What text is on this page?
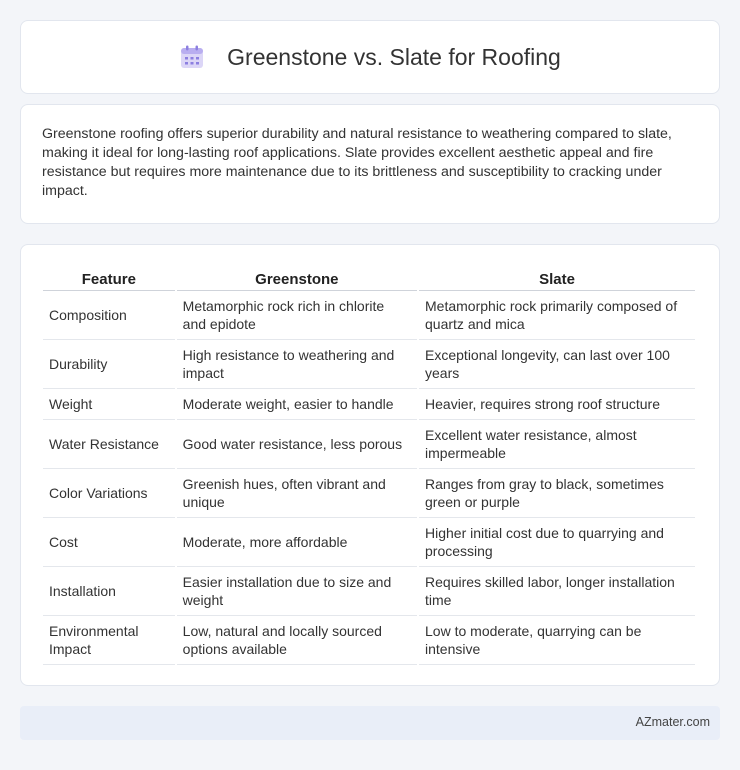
Greenstone vs. Slate for Roofing

Greenstone roofing offers superior durability and natural resistance to weathering compared to slate, making it ideal for long-lasting roof applications. Slate provides excellent aesthetic appeal and fire resistance but requires more maintenance due to its brittleness and susceptibility to cracking under impact.

Feature	Greenstone	Slate
Composition	Metamorphic rock rich in chlorite and epidote	Metamorphic rock primarily composed of quartz and mica
Durability	High resistance to weathering and impact	Exceptional longevity, can last over 100 years
Weight	Moderate weight, easier to handle	Heavier, requires strong roof structure
Water Resistance	Good water resistance, less porous	Excellent water resistance, almost impermeable
Color Variations	Greenish hues, often vibrant and unique	Ranges from gray to black, sometimes green or purple
Cost	Moderate, more affordable	Higher initial cost due to quarrying and processing
Installation	Easier installation due to size and weight	Requires skilled labor, longer installation time
Environmental Impact	Low, natural and locally sourced options available	Low to moderate, quarrying can be intensive
AZmater.com
